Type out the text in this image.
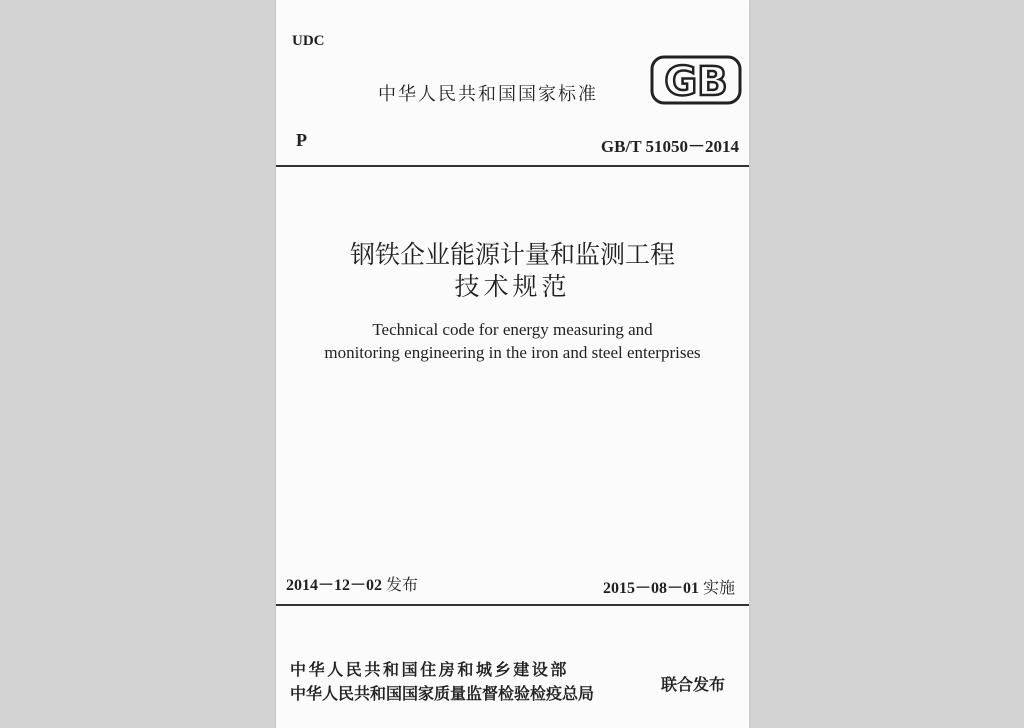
UDC
中华人民共和国国家标准 GB
P	GB/T 51050－2014
钢铁企业能源计量和监测工程
技术规范
Technical code for energy measuring and
monitoring engineering in the iron and steel enterprises
2014－12－02 发布	2015－08－01 实施
中华人民共和国住房和城乡建设部
中华人民共和国国家质量监督检验检疫总局	联合发布
